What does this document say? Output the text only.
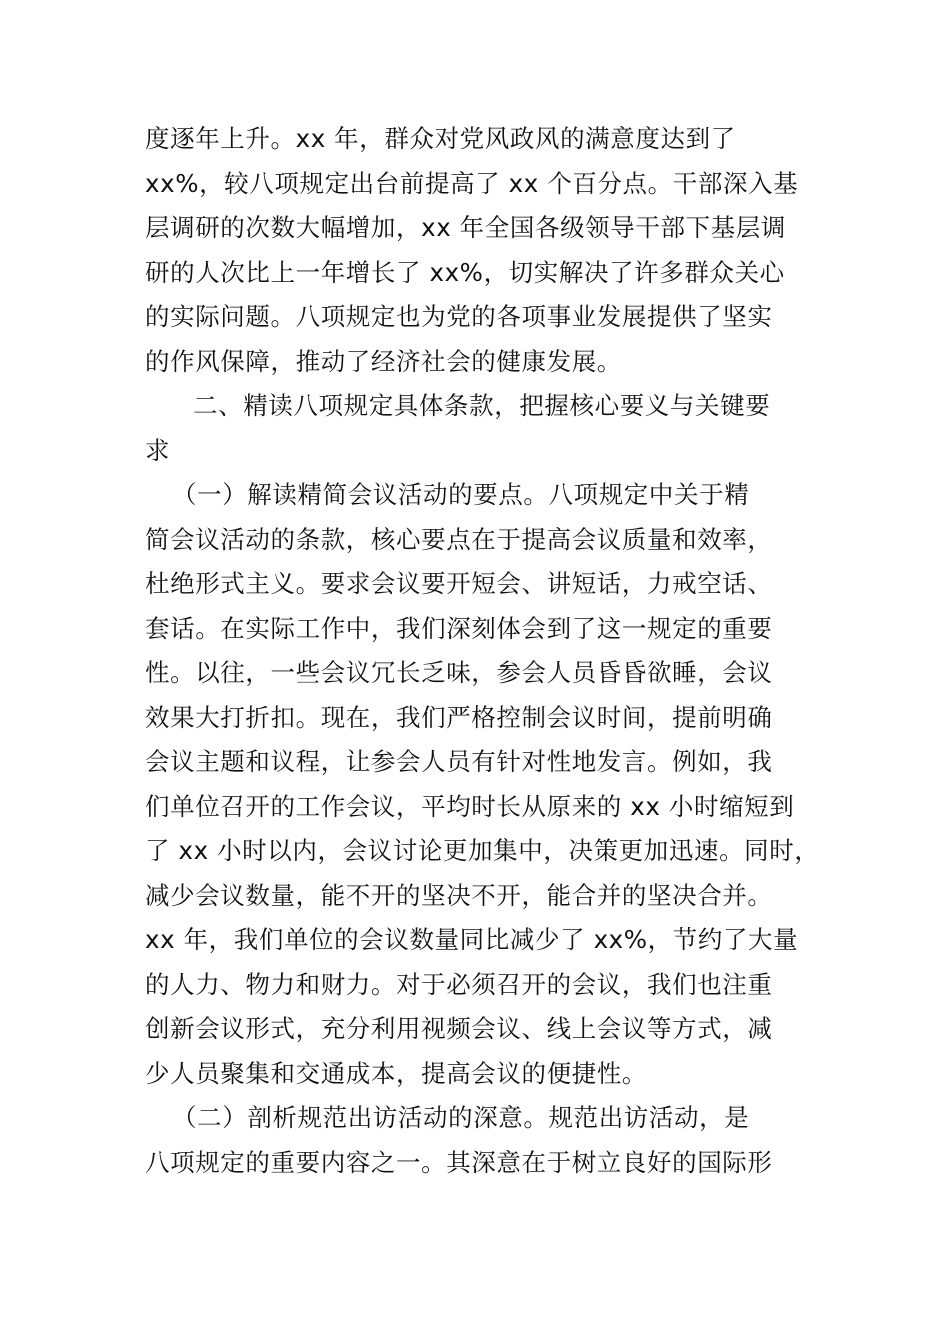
度逐年上升。xx 年，群众对党风政风的满意度达到了
xx%，较八项规定出台前提高了 xx 个百分点。干部深入基
层调研的次数大幅增加，xx 年全国各级领导干部下基层调
研的人次比上一年增长了 xx%，切实解决了许多群众关心
的实际问题。八项规定也为党的各项事业发展提供了坚实
的作风保障，推动了经济社会的健康发展。
二、精读八项规定具体条款，把握核心要义与关键要
求
（一）解读精简会议活动的要点。八项规定中关于精
简会议活动的条款，核心要点在于提高会议质量和效率，
杜绝形式主义。要求会议要开短会、讲短话，力戒空话、
套话。在实际工作中，我们深刻体会到了这一规定的重要
性。以往，一些会议冗长乏味，参会人员昏昏欲睡，会议
效果大打折扣。现在，我们严格控制会议时间，提前明确
会议主题和议程，让参会人员有针对性地发言。例如，我
们单位召开的工作会议，平均时长从原来的 xx 小时缩短到
了 xx 小时以内，会议讨论更加集中，决策更加迅速。同时，
减少会议数量，能不开的坚决不开，能合并的坚决合并。
xx 年，我们单位的会议数量同比减少了 xx%，节约了大量
的人力、物力和财力。对于必须召开的会议，我们也注重
创新会议形式，充分利用视频会议、线上会议等方式，减
少人员聚集和交通成本，提高会议的便捷性。
（二）剖析规范出访活动的深意。规范出访活动，是
八项规定的重要内容之一。其深意在于树立良好的国际形
